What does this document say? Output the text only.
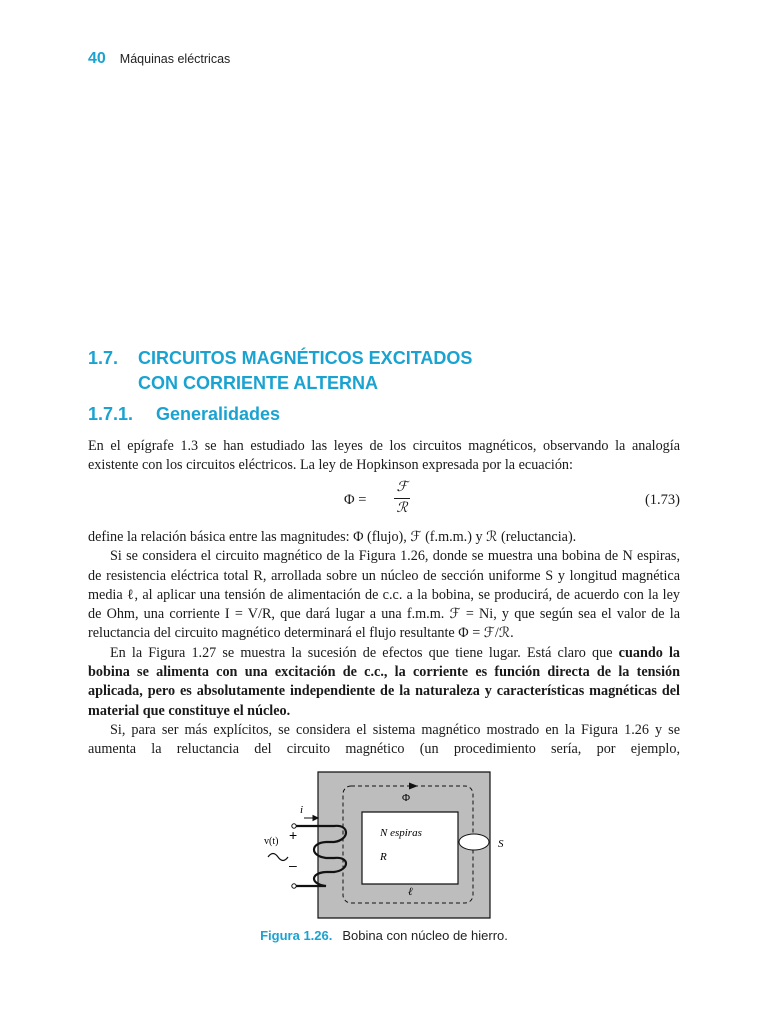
40 Máquinas eléctricas
1.7. CIRCUITOS MAGNÉTICOS EXCITADOS
CON CORRIENTE ALTERNA
1.7.1. Generalidades
En el epígrafe 1.3 se han estudiado las leyes de los circuitos magnéticos, observando la analogía existente con los circuitos eléctricos. La ley de Hopkinson expresada por la ecuación:
Φ =
ℱ
ℛ
(1.73)
define la relación básica entre las magnitudes: Φ (flujo), ℱ (f.m.m.) y ℛ (reluctancia).
Si se considera el circuito magnético de la Figura 1.26, donde se muestra una bobina de N espiras, de resistencia eléctrica total R, arrollada sobre un núcleo de sección uniforme S y longitud magnética media ℓ, al aplicar una tensión de alimentación de c.c. a la bobina, se producirá, de acuerdo con la ley de Ohm, una corriente I = V/R, que dará lugar a una f.m.m. ℱ = Ni, y que según sea el valor de la reluctancia del circuito magnético determinará el flujo resultante Φ = ℱ/ℛ.
En la Figura 1.27 se muestra la sucesión de efectos que tiene lugar. Está claro que cuando la bobina se alimenta con una excitación de c.c., la corriente es función directa de la tensión aplicada, pero es absolutamente independiente de la naturaleza y características magnéticas del material que constituye el núcleo.
Si, para ser más explícitos, se considera el sistema magnético mostrado en la Figura 1.26 y se aumenta la reluctancia del circuito magnético (un procedimiento sería, por ejemplo,
Φ
S
ℓ
i
v(t) +
–
N espiras
R
Figura 1.26. Bobina con núcleo de hierro.
